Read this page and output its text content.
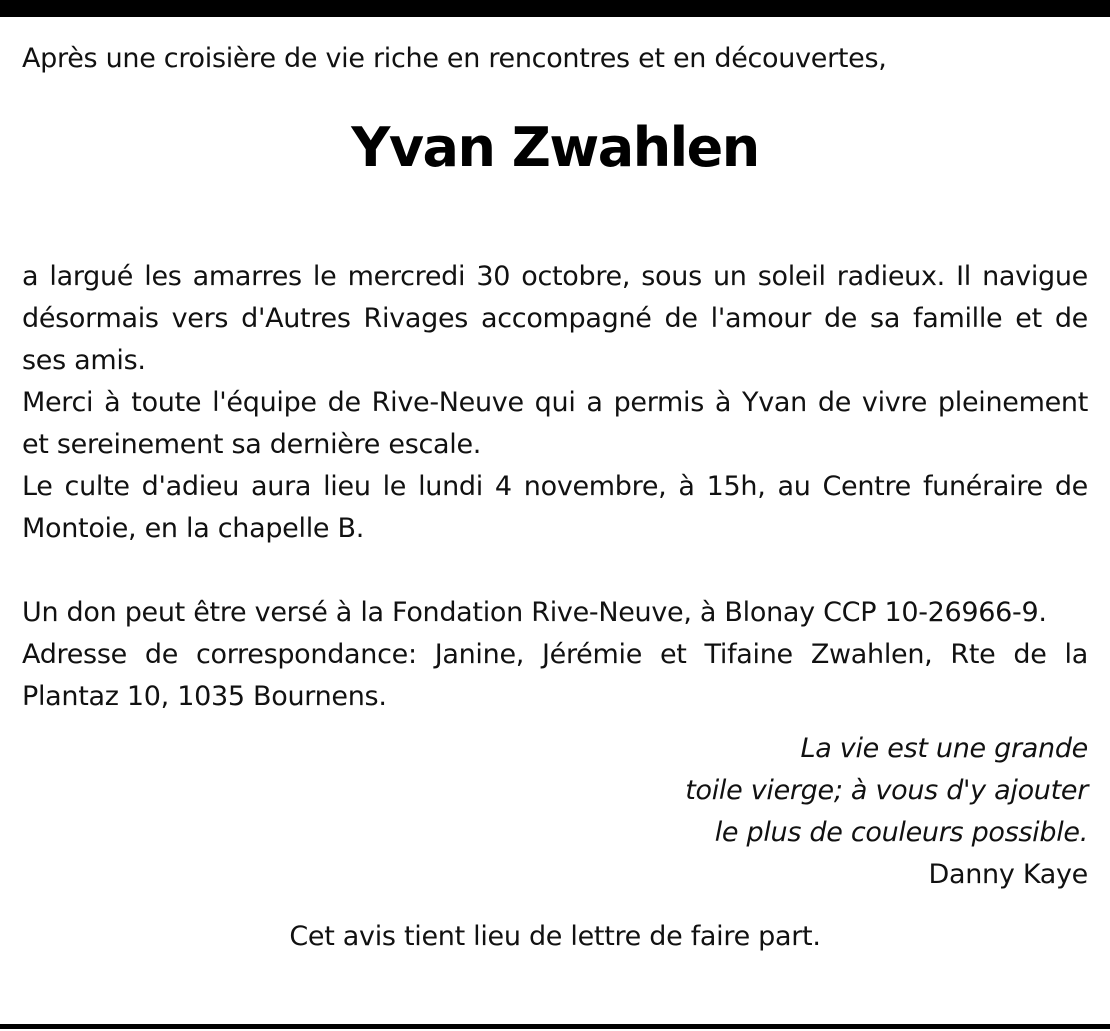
Après une croisière de vie riche en rencontres et en découvertes,

Yvan Zwahlen

a largué les amarres le mercredi 30 octobre, sous un soleil radieux. Il navigue désormais vers d'Autres Rivages accompagné de l'amour de sa famille et de ses amis.

Merci à toute l'équipe de Rive-Neuve qui a permis à Yvan de vivre pleinement et sereinement sa dernière escale.

Le culte d'adieu aura lieu le lundi 4 novembre, à 15h, au Centre funéraire de Montoie, en la chapelle B.

Un don peut être versé à la Fondation Rive-Neuve, à Blonay CCP 10-26966-9.

Adresse de correspondance: Janine, Jérémie et Tifaine Zwahlen, Rte de la Plantaz 10, 1035 Bournens.

La vie est une grande

toile vierge; à vous d'y ajouter

le plus de couleurs possible.

Danny Kaye

Cet avis tient lieu de lettre de faire part.
